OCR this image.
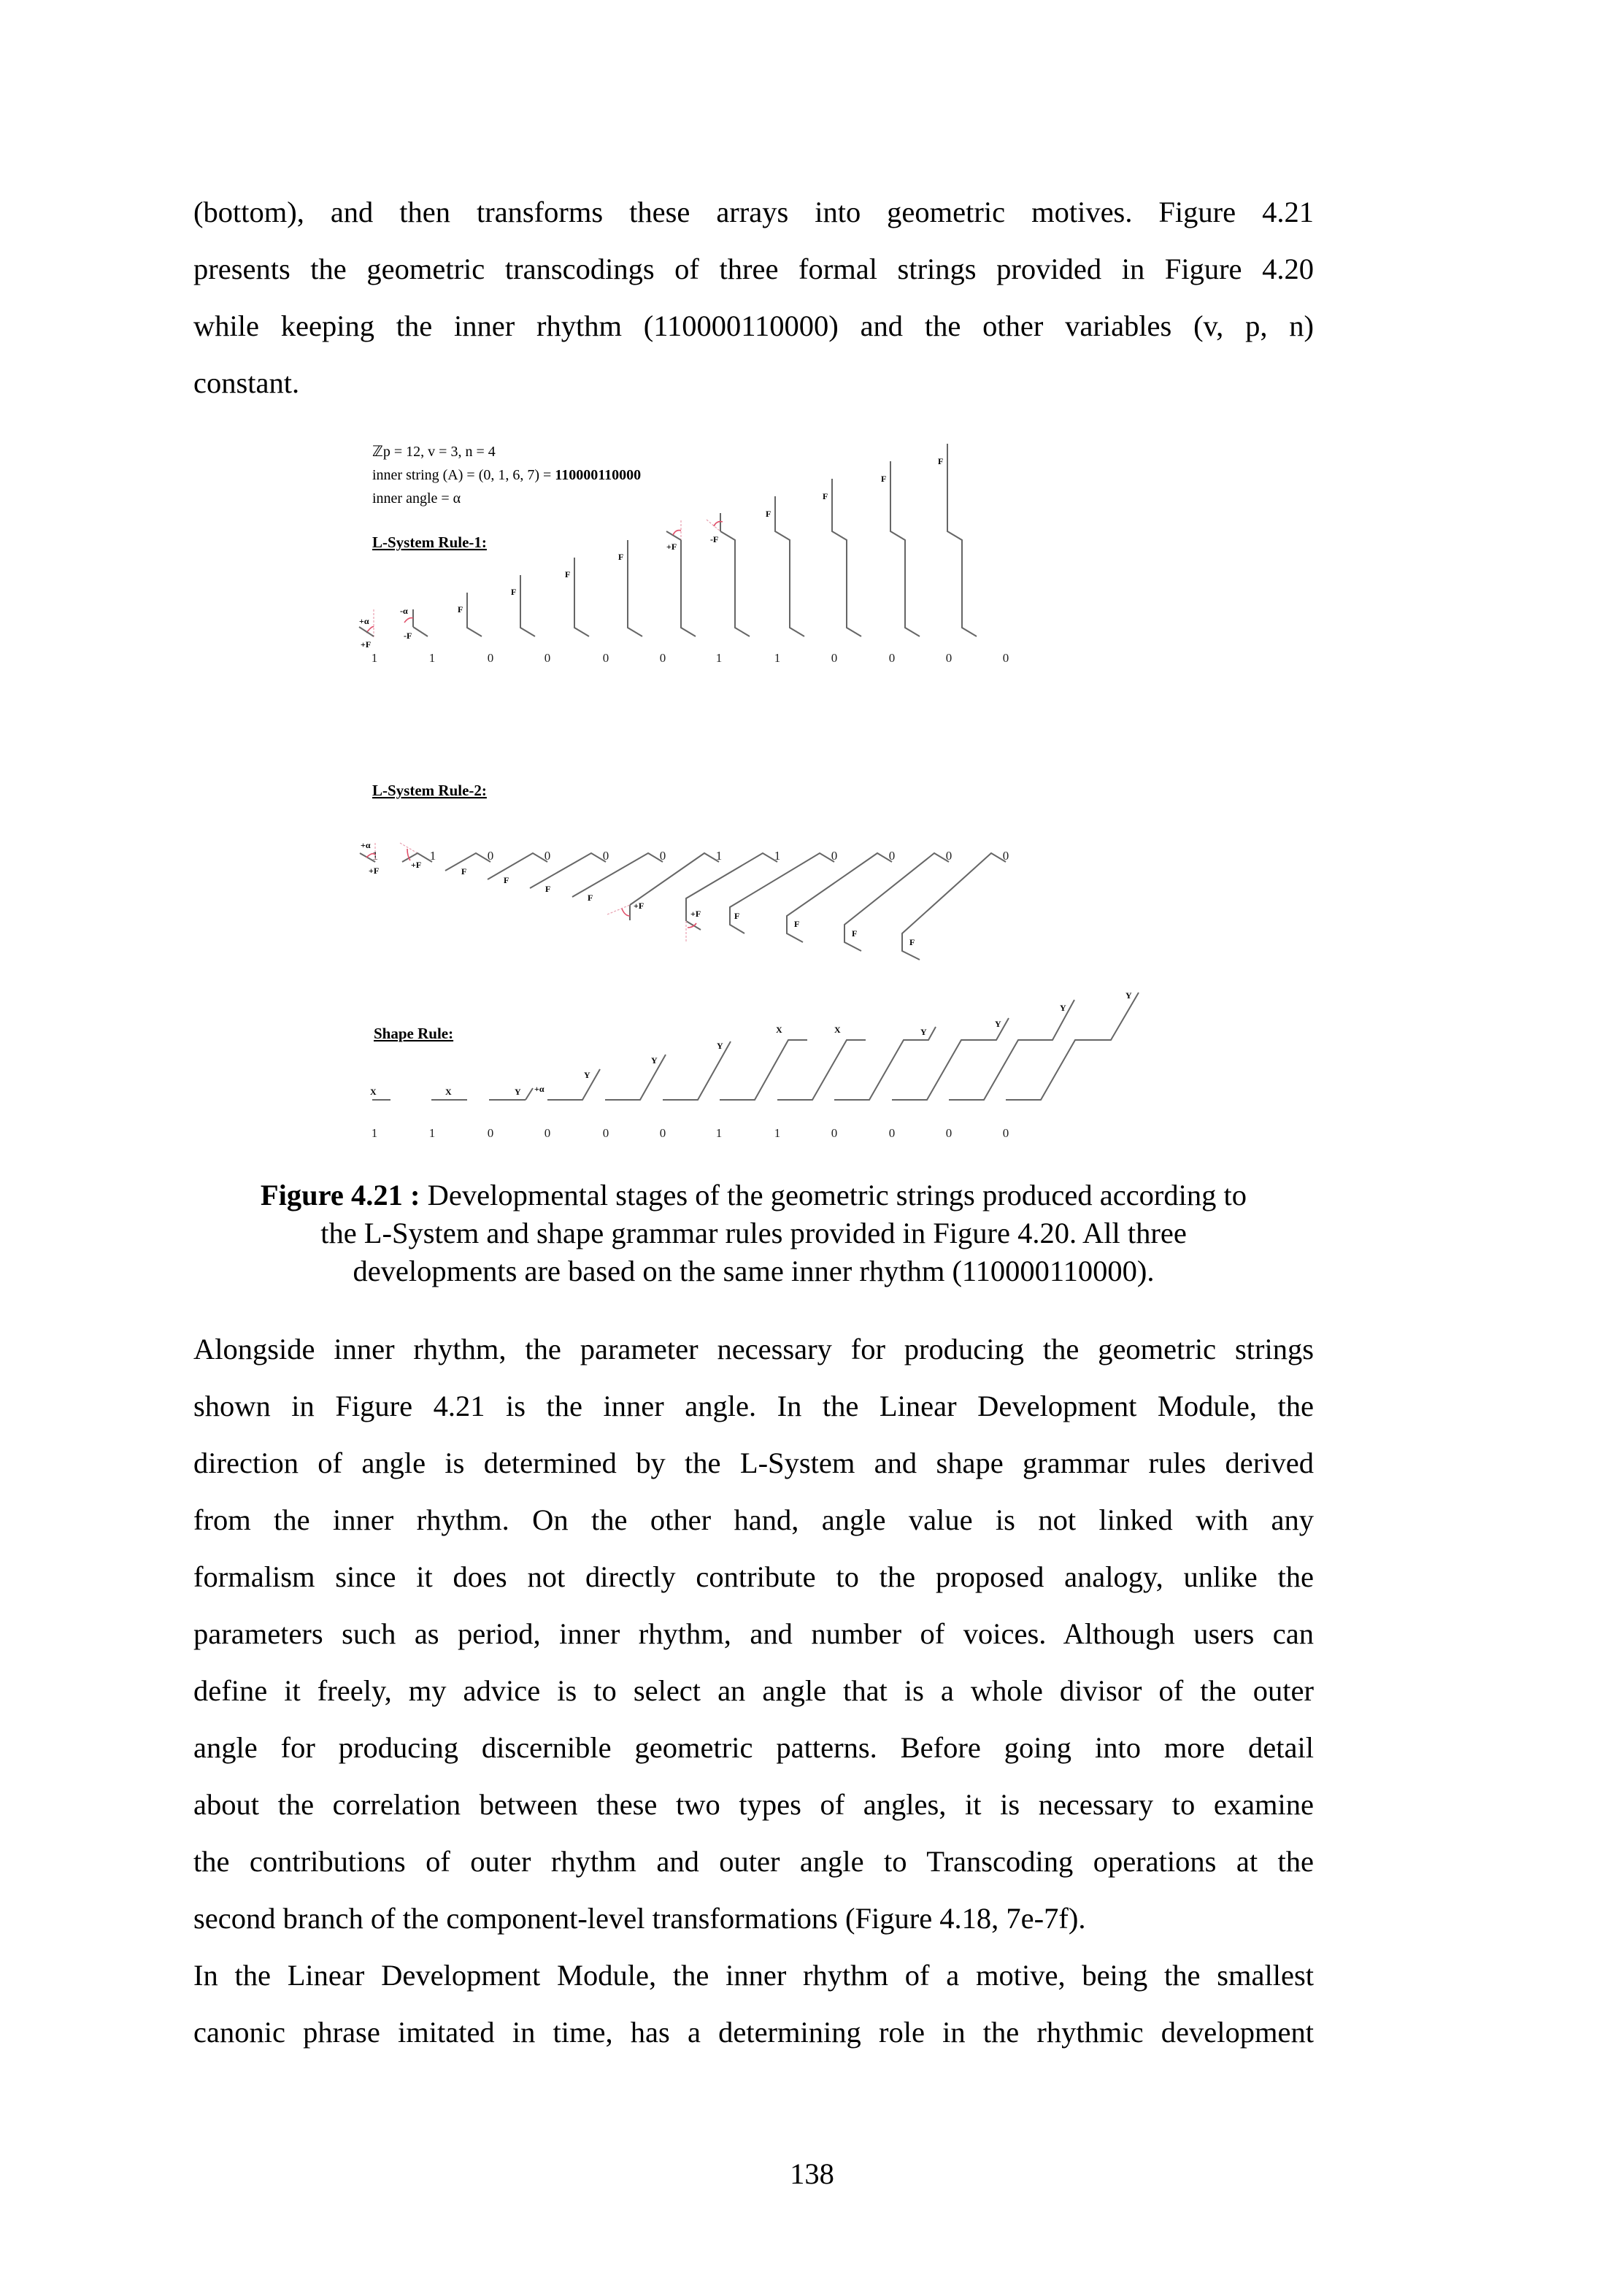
(bottom), and then transforms these arrays into geometric motives. Figure 4.21
presents the geometric transcodings of three formal strings provided in Figure 4.20
while keeping the inner rhythm (110000110000) and the other variables (v, p, n)
constant.
ℤp = 12, v = 3, n = 4
inner string (A) = (0, 1, 6, 7) = 110000110000
inner angle = α
L-System Rule-1:
+α
+F
-α
-F
F
F
F
F
+F
-F
F
F
F
F
1	1	0	0	0	0	1	1	0	0	0	0
L-System Rule-2:
1	1	0	0	0	0	1	1	0	0	0	0
+α
+F
+F
F
F
F
F
+F
+F	F
F
F
F
Shape Rule:
X	X	Y +α
Y
Y
Y
X	X	Y
Y
Y
Y
1	1	0	0	0	0	1	1	0	0	0	0
Figure 4.21 : Developmental stages of the geometric strings produced according to
the L-System and shape grammar rules provided in Figure 4.20. All three
developments are based on the same inner rhythm (110000110000).
Alongside inner rhythm, the parameter necessary for producing the geometric strings
shown in Figure 4.21 is the inner angle. In the Linear Development Module, the
direction of angle is determined by the L-System and shape grammar rules derived
from the inner rhythm. On the other hand, angle value is not linked with any
formalism since it does not directly contribute to the proposed analogy, unlike the
parameters such as period, inner rhythm, and number of voices. Although users can
define it freely, my advice is to select an angle that is a whole divisor of the outer
angle for producing discernible geometric patterns. Before going into more detail
about the correlation between these two types of angles, it is necessary to examine
the contributions of outer rhythm and outer angle to Transcoding operations at the
second branch of the component-level transformations (Figure 4.18, 7e-7f).
In the Linear Development Module, the inner rhythm of a motive, being the smallest
canonic phrase imitated in time, has a determining role in the rhythmic development
138
